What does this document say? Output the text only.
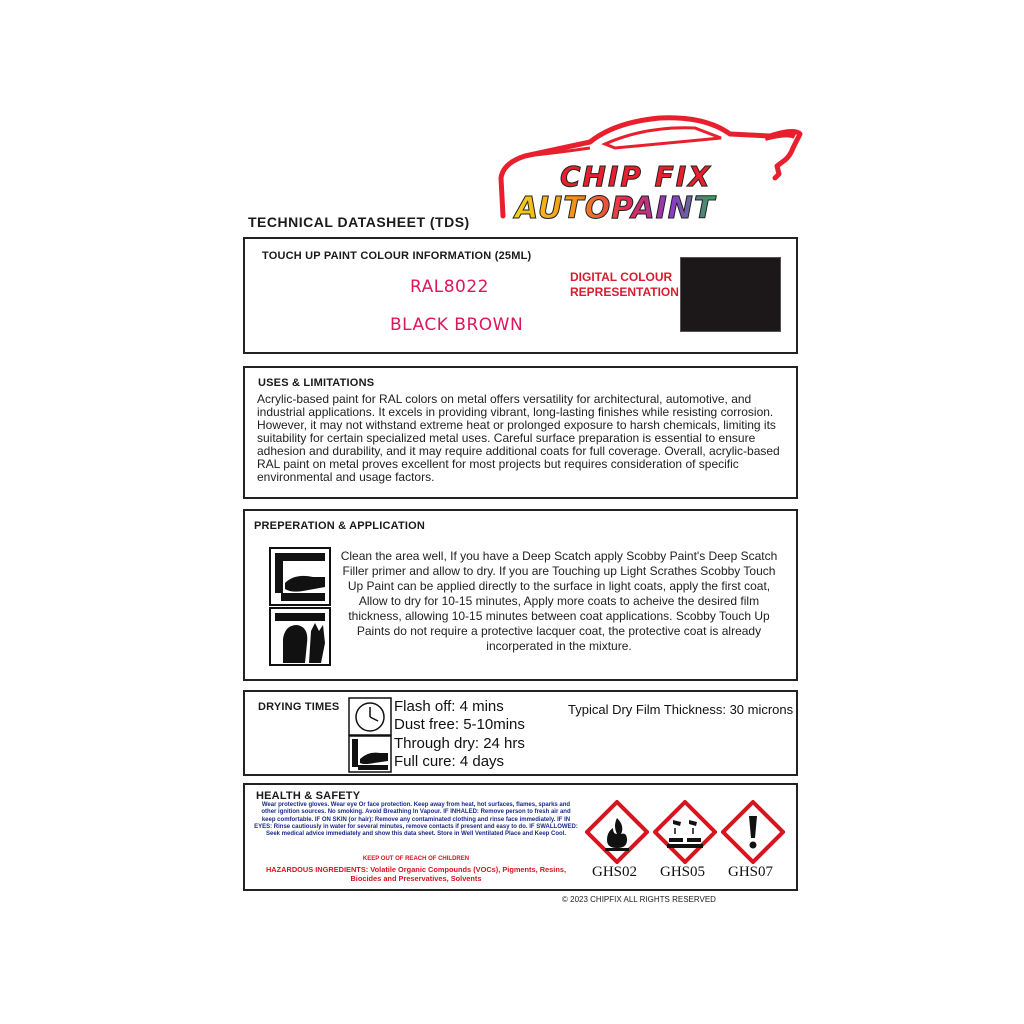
CHIP FIX
AUTOPAINT
TECHNICAL DATASHEET (TDS)
TOUCH UP PAINT COLOUR INFORMATION (25ML)
RAL8022
BLACK BROWN
DIGITAL COLOUR REPRESENTATION
USES & LIMITATIONS
Acrylic-based paint for RAL colors on metal offers versatility for architectural, automotive, and industrial applications. It excels in providing vibrant, long-lasting finishes while resisting corrosion. However, it may not withstand extreme heat or prolonged exposure to harsh chemicals, limiting its suitability for certain specialized metal uses. Careful surface preparation is essential to ensure adhesion and durability, and it may require additional coats for full coverage. Overall, acrylic-based RAL paint on metal proves excellent for most projects but requires consideration of specific environmental and usage factors.
PREPERATION & APPLICATION
Clean the area well, If you have a Deep Scatch apply Scobby Paint's Deep Scatch Filler primer and allow to dry. If you are Touching up Light Scrathes Scobby Touch Up Paint can be applied directly to the surface in light coats, apply the first coat, Allow to dry for 10-15 minutes, Apply more coats to acheive the desired film thickness, allowing 10-15 minutes between coat applications. Scobby Touch Up Paints do not require a protective lacquer coat, the protective coat is already incorperated in the mixture.
DRYING TIMES	Flash off: 4 mins
Dust free: 5-10mins
Through dry: 24 hrs
Full cure: 4 days
Typical Dry Film Thickness: 30 microns
HEALTH & SAFETY
Wear protective gloves. Wear eye Or face protection. Keep away from heat, hot surfaces, flames, sparks and other ignition sources. No smoking. Avoid Breathing In Vapour. IF INHALED: Remove person to fresh air and keep comfortable. IF ON SKIN (or hair): Remove any contaminated clothing and rinse face immediately. IF IN EYES: Rinse cautiously in water for several minutes, remove contacts if present and easy to do. IF SWALLOWED: Seek medical advice immediately and show this data sheet. Store in Well Ventilated Place and Keep Cool.
KEEP OUT OF REACH OF CHILDREN
HAZARDOUS INGREDIENTS: Volatile Organic Compounds (VOCs), Pigments, Resins, Biocides and Preservatives, Solvents	GHS02 GHS05 GHS07
© 2023 CHIPFIX ALL RIGHTS RESERVED
